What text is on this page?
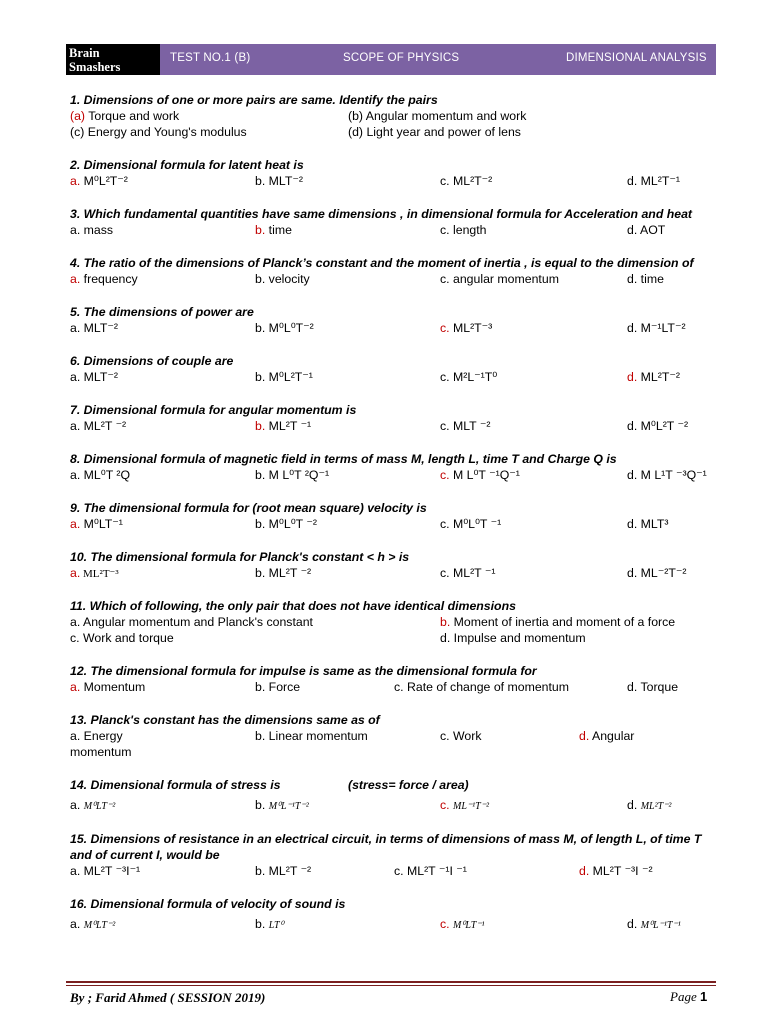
Brain
Smashers
TEST NO.1 (B)	SCOPE OF PHYSICS	DIMENSIONAL ANALYSIS
1. Dimensions of one or more pairs are same. Identify the pairs
(a) Torque and work	(b) Angular momentum and work
(c) Energy and Young's modulus	(d) Light year and power of lens
2. Dimensional formula for latent heat is
a. M⁰L²T⁻²	b. MLT⁻²	c. ML²T⁻²	d. ML²T⁻¹
3. Which fundamental quantities have same dimensions , in dimensional formula for Acceleration and heat
a. mass	b. time	c. length	d. AOT
4. The ratio of the dimensions of Planck’s constant and the moment of inertia , is equal to the dimension of
a. frequency	b. velocity	c. angular momentum	d. time
5. The dimensions of power are
a. MLT⁻²	b. M⁰L⁰T⁻²	c. ML²T⁻³	d. M⁻¹LT⁻²
6. Dimensions of couple are
a. MLT⁻²	b. M⁰L²T⁻¹	c. M²L⁻¹T⁰	d. ML²T⁻²
7. Dimensional formula for angular momentum is
a. ML²T ⁻²	b. ML²T ⁻¹	c. MLT ⁻²	d. M⁰L²T ⁻²
8. Dimensional formula of magnetic field in terms of mass M, length L, time T and Charge Q is
a. ML⁰T ²Q	b. M L⁰T ²Q⁻¹	c. M L⁰T ⁻¹Q⁻¹	d. M L¹T ⁻³Q⁻¹
9. The dimensional formula for (root mean square) velocity is
a. M⁰LT⁻¹	b. M⁰L⁰T ⁻²	c. M⁰L⁰T ⁻¹	d. MLT³
10. The dimensional formula for Planck's constant < h > is
a. ML²T⁻³	b. ML²T ⁻²	c. ML²T ⁻¹	d. ML⁻²T⁻²
11. Which of following, the only pair that does not have identical dimensions
a. Angular momentum and Planck's constant	b. Moment of inertia and moment of a force
c. Work and torque	d. Impulse and momentum
12. The dimensional formula for impulse is same as the dimensional formula for
a. Momentum	b. Force	c. Rate of change of momentum	d. Torque
13. Planck's constant has the dimensions same as of
a. Energy	b. Linear momentum	c. Work	d. Angular
momentum
14. Dimensional formula of stress is	(stress= force / area)
a. M⁰LT⁻²	b. M⁰L⁻¹T⁻²	c. ML⁻¹T⁻²	d. ML²T⁻²
15. Dimensions of resistance in an electrical circuit, in terms of dimensions of mass M, of length L, of time T
and of current I, would be
a. ML²T ⁻³I⁻¹	b. ML²T ⁻²	c. ML²T ⁻¹I ⁻¹	d. ML²T ⁻³I ⁻²
16. Dimensional formula of velocity of sound is
a. M⁰LT⁻²	b. LT⁰	c. M⁰LT⁻¹	d. M⁰L⁻¹T⁻¹
By ; Farid Ahmed ( SESSION 2019)	Page 1
